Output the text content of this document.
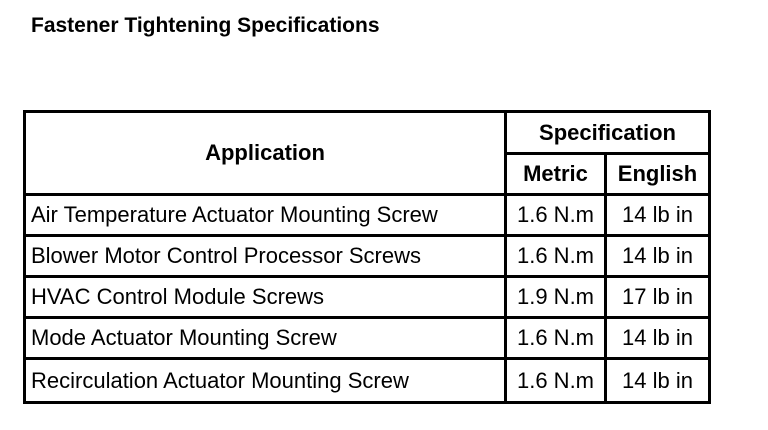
Fastener Tightening Specifications
Application	Specification	
	Metric	English
Air Temperature Actuator Mounting Screw	1.6 N.m	14 lb in
Blower Motor Control Processor Screws	1.6 N.m	14 lb in
HVAC Control Module Screws	1.9 N.m	17 lb in
Mode Actuator Mounting Screw	1.6 N.m	14 lb in
Recirculation Actuator Mounting Screw	1.6 N.m	14 lb in
